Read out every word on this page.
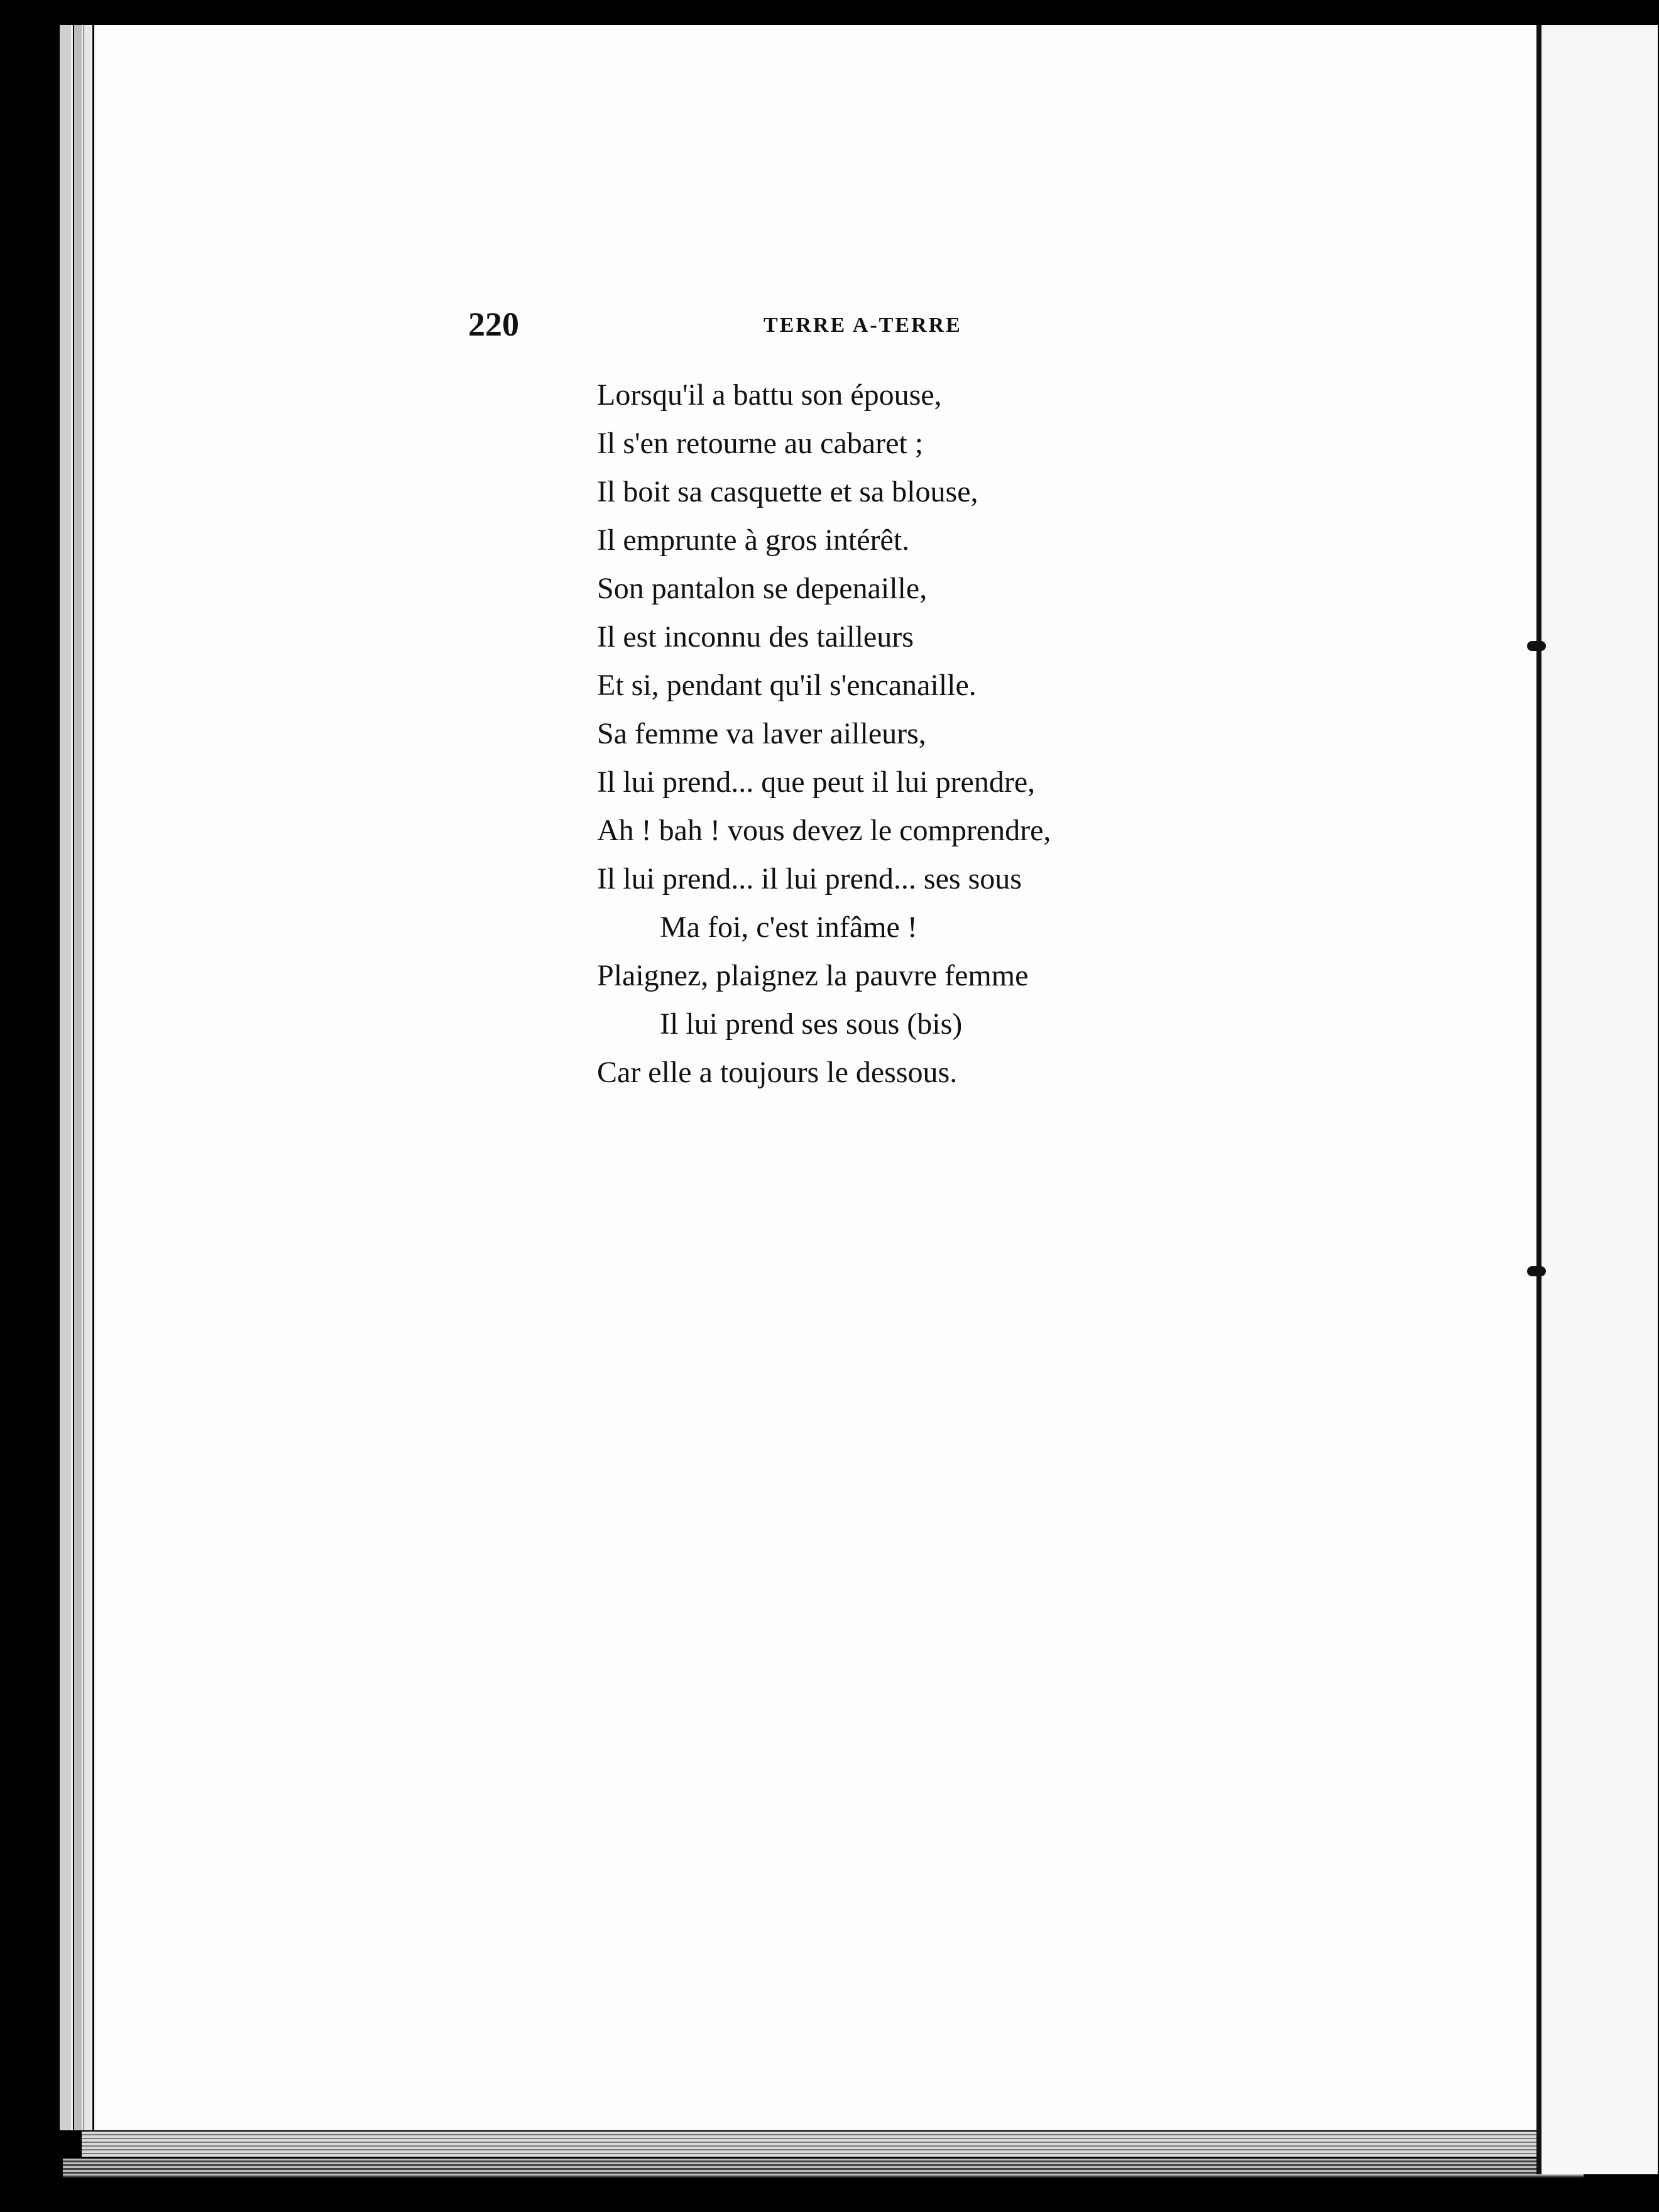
220	TERRE A-TERRE
Lorsqu'il a battu son épouse,
Il s'en retourne au cabaret ;
Il boit sa casquette et sa blouse,
Il emprunte à gros intérêt.
Son pantalon se depenaille,
Il est inconnu des tailleurs
Et si, pendant qu'il s'encanaille.
Sa femme va laver ailleurs,
Il lui prend... que peut il lui prendre,
Ah ! bah ! vous devez le comprendre,
Il lui prend... il lui prend... ses sous
Ma foi, c'est infâme !
Plaignez, plaignez la pauvre femme
Il lui prend ses sous (bis)
Car elle a toujours le dessous.
